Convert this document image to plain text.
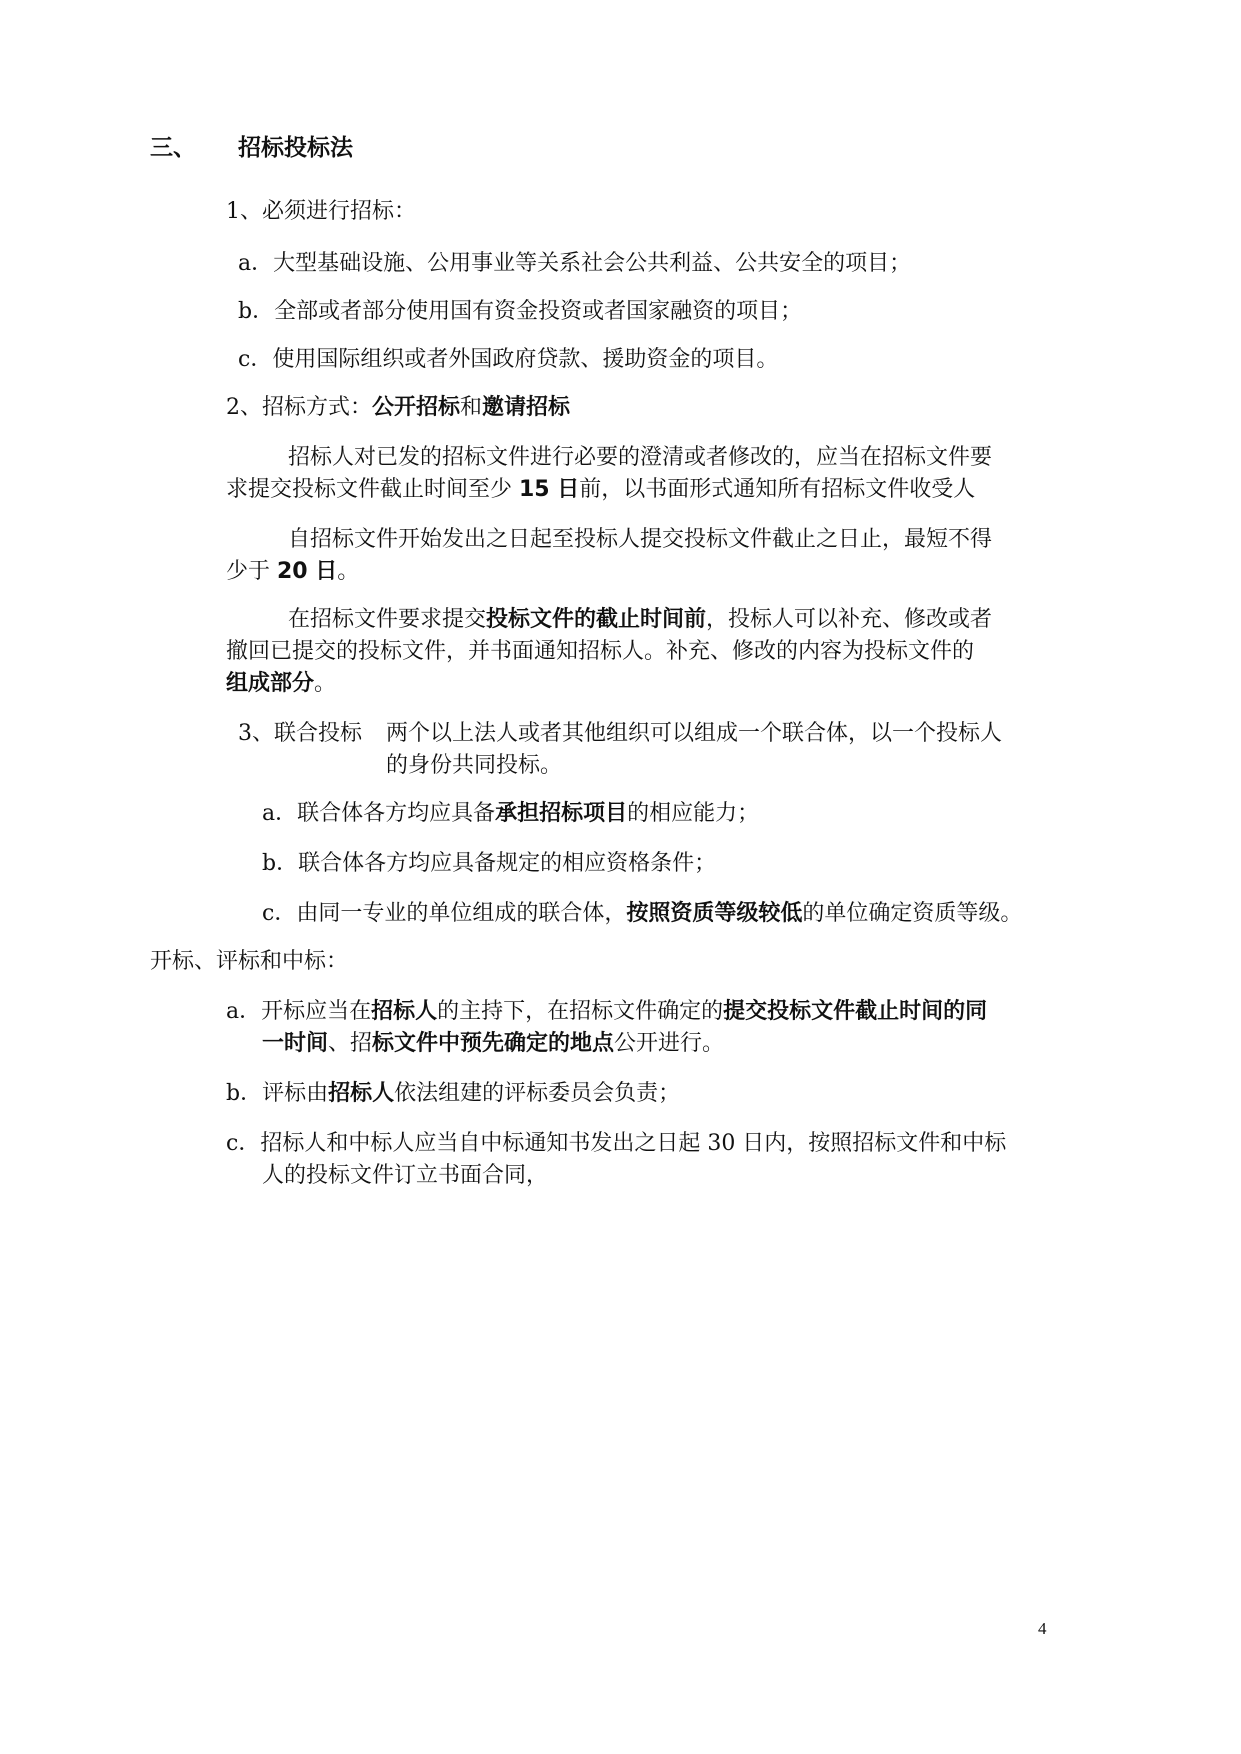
三、 招标投标法
1、必须进行招标：
a．大型基础设施、公用事业等关系社会公共利益、公共安全的项目；
b．全部或者部分使用国有资金投资或者国家融资的项目；
c．使用国际组织或者外国政府贷款、援助资金的项目。
2、招标方式：公开招标和邀请招标
招标人对已发的招标文件进行必要的澄清或者修改的，应当在招标文件要
求提交投标文件截止时间至少 15 日前，以书面形式通知所有招标文件收受人
自招标文件开始发出之日起至投标人提交投标文件截止之日止，最短不得
少于 20 日。
在招标文件要求提交投标文件的截止时间前，投标人可以补充、修改或者
撤回已提交的投标文件，并书面通知招标人。补充、修改的内容为投标文件的
组成部分。
3、联合投标 两个以上法人或者其他组织可以组成一个联合体，以一个投标人
的身份共同投标。
a．联合体各方均应具备承担招标项目的相应能力；
b．联合体各方均应具备规定的相应资格条件；
c．由同一专业的单位组成的联合体，按照资质等级较低的单位确定资质等级。
开标、评标和中标：
a．开标应当在招标人的主持下，在招标文件确定的提交投标文件截止时间的同
一时间、招标文件中预先确定的地点公开进行。
b．评标由招标人依法组建的评标委员会负责；
c．招标人和中标人应当自中标通知书发出之日起 30 日内，按照招标文件和中标
人的投标文件订立书面合同，
4
